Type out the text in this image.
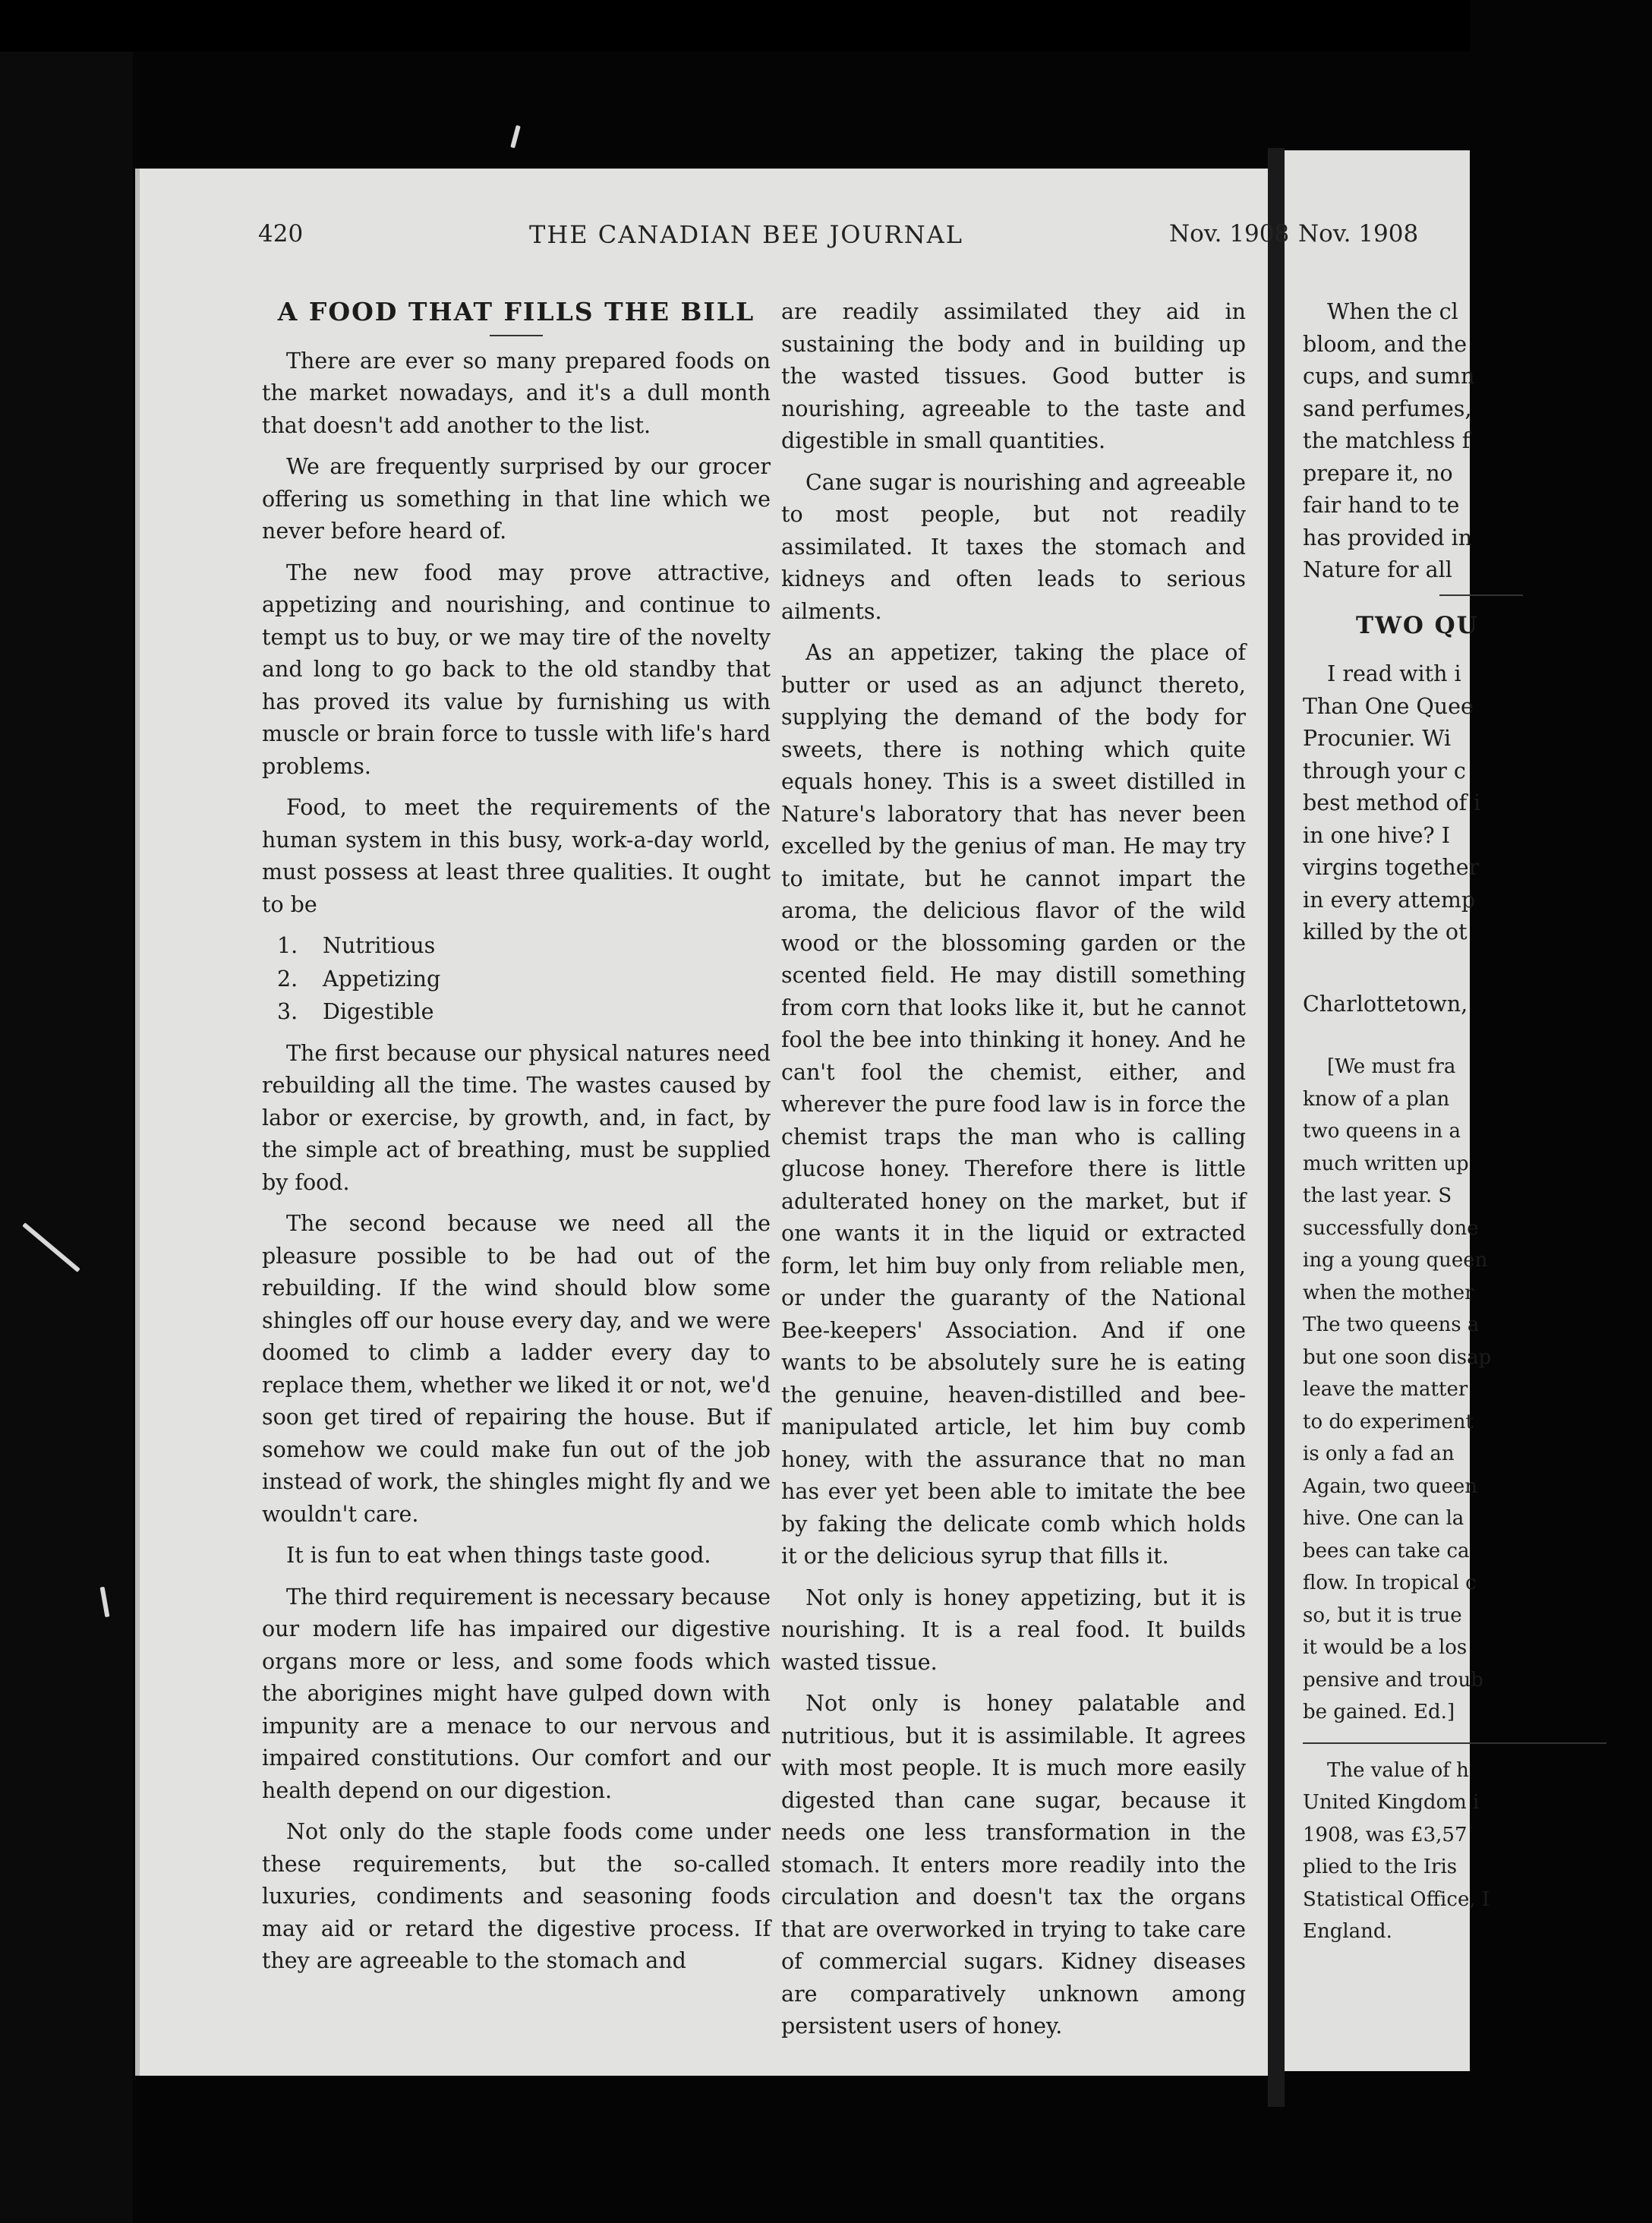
420	THE CANADIAN BEE JOURNAL	Nov. 1908 Nov. 1908
A FOOD THAT FILLS THE BILL

There are ever so many prepared foods on the market nowadays, and it's a dull month that doesn't add another to the list.

We are frequently surprised by our grocer offering us something in that line which we never before heard of.

The new food may prove attractive, appetizing and nourishing, and continue to tempt us to buy, or we may tire of the novelty and long to go back to the old standby that has proved its value by furnishing us with muscle or brain force to tussle with life's hard problems.

Food, to meet the requirements of the human system in this busy, work-a-day world, must possess at least three qualities. It ought to be

1. Nutritious
2. Appetizing
3. Digestible

The first because our physical natures need rebuilding all the time. The wastes caused by labor or exercise, by growth, and, in fact, by the simple act of breathing, must be supplied by food.

The second because we need all the pleasure possible to be had out of the rebuilding. If the wind should blow some shingles off our house every day, and we were doomed to climb a ladder every day to replace them, whether we liked it or not, we'd soon get tired of repairing the house. But if somehow we could make fun out of the job instead of work, the shingles might fly and we wouldn't care.

It is fun to eat when things taste good.

The third requirement is necessary because our modern life has impaired our digestive organs more or less, and some foods which the aborigines might have gulped down with impunity are a menace to our nervous and impaired constitutions. Our comfort and our health depend on our digestion.

Not only do the staple foods come under these requirements, but the so-called luxuries, condiments and seasoning foods may aid or retard the digestive process. If they are agreeable to the stomach and

are readily assimilated they aid in sustaining the body and in building up the wasted tissues. Good butter is nourishing, agreeable to the taste and digestible in small quantities.

Cane sugar is nourishing and agreeable to most people, but not readily assimilated. It taxes the stomach and kidneys and often leads to serious ailments.

As an appetizer, taking the place of butter or used as an adjunct thereto, supplying the demand of the body for sweets, there is nothing which quite equals honey. This is a sweet distilled in Nature's laboratory that has never been excelled by the genius of man. He may try to imitate, but he cannot impart the aroma, the delicious flavor of the wild wood or the blossoming garden or the scented field. He may distill something from corn that looks like it, but he cannot fool the bee into thinking it honey. And he can't fool the chemist, either, and wherever the pure food law is in force the chemist traps the man who is calling glucose honey. Therefore there is little adulterated honey on the market, but if one wants it in the liquid or extracted form, let him buy only from reliable men, or under the guaranty of the National Bee-keepers' Association. And if one wants to be absolutely sure he is eating the genuine, heaven-distilled and bee-manipulated article, let him buy comb honey, with the assurance that no man has ever yet been able to imitate the bee by faking the delicate comb which holds it or the delicious syrup that fills it.

Not only is honey appetizing, but it is nourishing. It is a real food. It builds wasted tissue.

Not only is honey palatable and nutritious, but it is assimilable. It agrees with most people. It is much more easily digested than cane sugar, because it needs one less transformation in the stomach. It enters more readily into the circulation and doesn't tax the organs that are overworked in trying to take care of commercial sugars. Kidney diseases are comparatively unknown among persistent users of honey.

When the cl

bloom, and the

cups, and sumn

sand perfumes,

the matchless f

prepare it, no

fair hand to te

has provided in

Nature for all

TWO QU

I read with i

Than One Quee

Procunier. Wi

through your c

best method of i

in one hive? I

virgins together

in every attemp

killed by the ot

Charlottetown,

[We must fra

know of a plan

two queens in a

much written up

the last year. S

successfully done

ing a young queen

when the mother

The two queens a

but one soon disap

leave the matter

to do experiment

is only a fad an

Again, two queen

hive. One can la

bees can take ca

flow. In tropical c

so, but it is true

it would be a los

pensive and troub

be gained. Ed.]

The value of h

United Kingdom i

1908, was £3,57

plied to the Iris

Statistical Office, I

England.
